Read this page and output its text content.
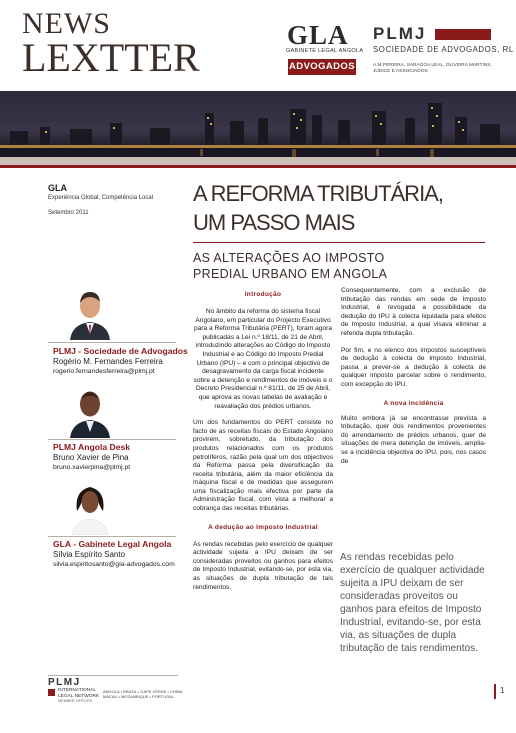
NEWS
LEXTTER	GLA
GABINETE LEGAL ANGOLA
ADVOGADOS
PLMJ
SOCIEDADE DE ADVOGADOS, RL
A.M.PEREIRA, SÁRAGGA LEAL, OLIVEIRA MARTINS, JÚDICE E ASSOCIADOS
GLA
Experiência Global, Competência Local
Setembro 2011
PLMJ - Sociedade de Advogados
Rogério M. Fernandes Ferreira
rogerio.fernandesferreira@plmj.pt
PLMJ Angola Desk
Bruno Xavier de Pina
bruno.xavierpina@plmj.pt
GLA - Gabinete Legal Angola
Sílvia Espírito Santo
silvia.espiritosanto@gla-advogados.com
A REFORMA TRIBUTÁRIA,
UM PASSO MAIS
AS ALTERAÇÕES AO IMPOSTO
PREDIAL URBANO EM ANGOLA
Introdução

No âmbito da reforma do sistema fiscal Angolano, em particular do Projecto Executivo para a Reforma Tributária (PERT), foram agora publicadas a Lei n.º 18/11, de 21 de Abril, introduzindo alterações ao Código do Imposto Industrial e ao Código do Imposto Predial Urbano (IPU) – e com o principal objectivo de desagravamento da carga fiscal incidente sobre a detenção e rendimentos de imóveis e o Decreto Presidencial n.º 81/11, de 25 de Abril, que aprova as novas tabelas de avaliação e reavaliação dos prédios urbanos.

Um dos fundamentos do PERT consiste no facto de as receitas fiscais do Estado Angolano provirem, sobretudo, da tributação dos produtos relacionados com os produtos petrolíferos, razão pela qual um dos objectivos da Reforma passa pela diversificação da receita tributária, além da maior eficiência da máquina fiscal e de medidas que assegurem uma fiscalização mais efectiva por parte da Administração fiscal, com vista a melhorar a cobrança das receitas tributárias.

A dedução ao Imposto Industrial

As rendas recebidas pelo exercício de qualquer actividade sujeita a IPU deixam de ser consideradas proveitos ou ganhos para efeitos de Imposto Industrial, evitando-se, por esta via, as situações de dupla tributação de tais rendimentos.

Consequentemente, com a exclusão de tributação das rendas em sede de Imposto Industrial, é revogada a possibilidade da dedução do IPU à colecta liquidada para efeitos de Imposto Industrial, a qual visava eliminar a referida dupla tributação.

Por fim, e no elenco dos impostos susceptíveis de dedução à colecta de Imposto Industrial, passa a prever-se a dedução à colecta de qualquer imposto parcelar sobre o rendimento, com excepção do IPU.

A nova incidência

Muito embora já se encontrasse prevista a tributação, quer dos rendimentos provenientes do arrendamento de prédios urbanos, quer de situações de mera detenção de imóveis, amplia-se a incidência objectiva do IPU, pois, nos casos de

As rendas recebidas pelo exercício de qualquer actividade sujeita a IPU deixam de ser consideradas proveitos ou ganhos para efeitos de Imposto Industrial, evitando-se, por esta via, as situações de dupla tributação de tais rendimentos.
PLMJ
INTERNATIONAL LEGAL NETWORK
MEMBER OFFICES
ANGOLA • BRAZIL • CAPE VERDE • CHINA MACAU • MOZAMBIQUE • PORTUGAL
1
